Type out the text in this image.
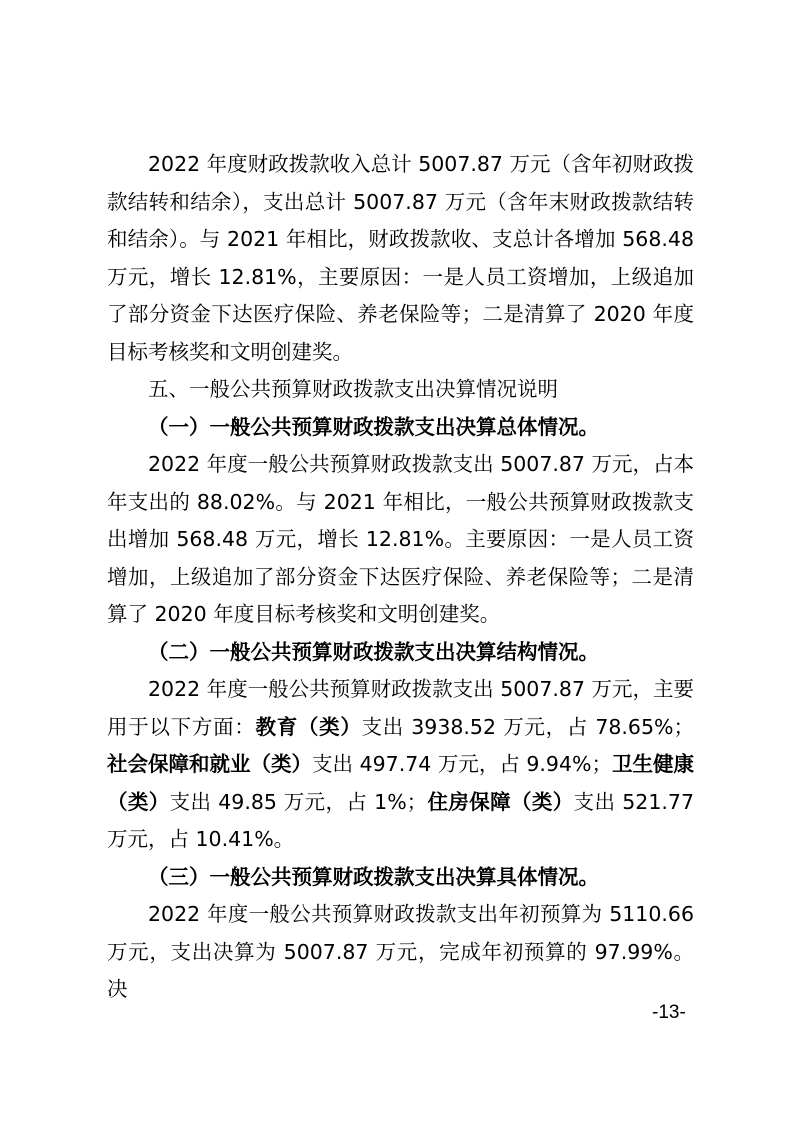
2022 年度财政拨款收入总计 5007.87 万元（含年初财政拨款结转和结余），支出总计 5007.87 万元（含年末财政拨款结转和结余）。与 2021 年相比，财政拨款收、支总计各增加 568.48 万元，增长 12.81%，主要原因：一是人员工资增加，上级追加了部分资金下达医疗保险、养老保险等；二是清算了 2020 年度目标考核奖和文明创建奖。

五、一般公共预算财政拨款支出决算情况说明

（一）一般公共预算财政拨款支出决算总体情况。

2022 年度一般公共预算财政拨款支出 5007.87 万元，占本年支出的 88.02%。与 2021 年相比，一般公共预算财政拨款支出增加 568.48 万元，增长 12.81%。主要原因：一是人员工资增加，上级追加了部分资金下达医疗保险、养老保险等；二是清算了 2020 年度目标考核奖和文明创建奖。

（二）一般公共预算财政拨款支出决算结构情况。

2022 年度一般公共预算财政拨款支出 5007.87 万元，主要用于以下方面：教育（类）支出 3938.52 万元，占 78.65%；社会保障和就业（类）支出 497.74 万元，占 9.94%；卫生健康（类）支出 49.85 万元，占 1%；住房保障（类）支出 521.77 万元，占 10.41%。

（三）一般公共预算财政拨款支出决算具体情况。

2022 年度一般公共预算财政拨款支出年初预算为 5110.66 万元，支出决算为 5007.87 万元，完成年初预算的 97.99%。决

-13-
